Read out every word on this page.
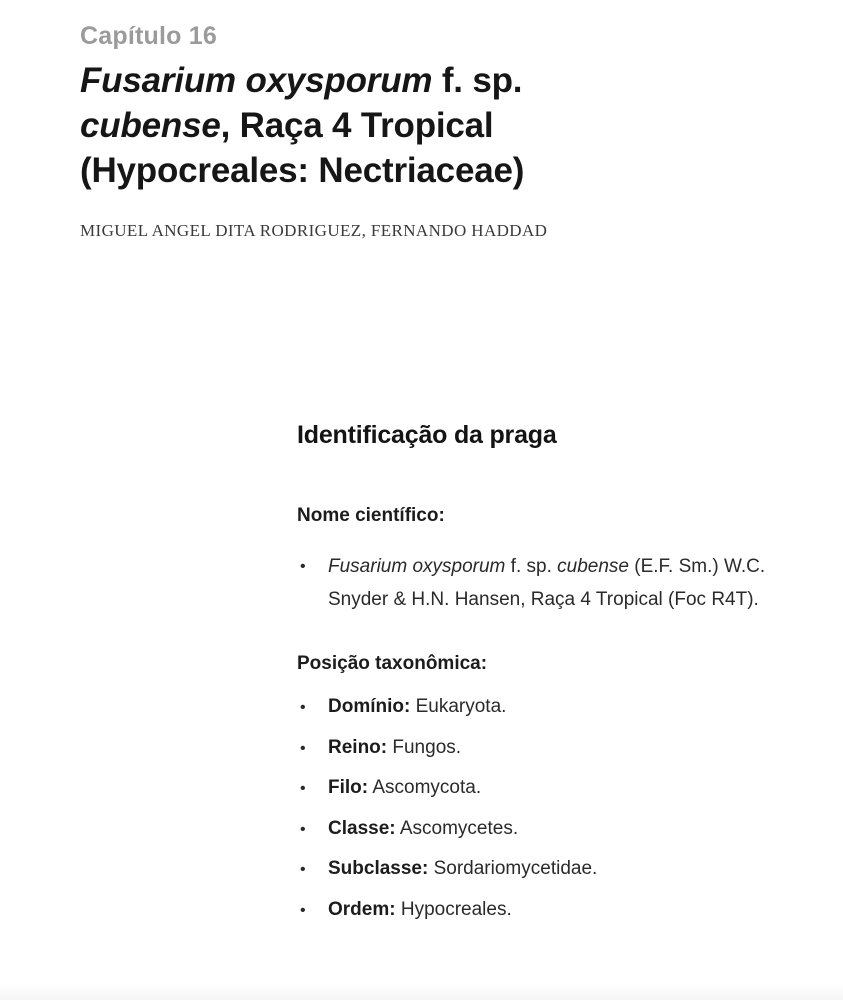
Capítulo 16
Fusarium oxysporum f. sp.
cubense, Raça 4 Tropical
(Hypocreales: Nectriaceae)
MIGUEL ANGEL DITA RODRIGUEZ, FERNANDO HADDAD
Identificação da praga

Nome científico:

• Fusarium oxysporum f. sp. cubense (E.F. Sm.) W.C. Snyder & H.N. Hansen, Raça 4 Tropical (Foc R4T).

Posição taxonômica:

• Domínio: Eukaryota.
• Reino: Fungos.
• Filo: Ascomycota.
• Classe: Ascomycetes.
• Subclasse: Sordariomycetidae.
• Ordem: Hypocreales.
